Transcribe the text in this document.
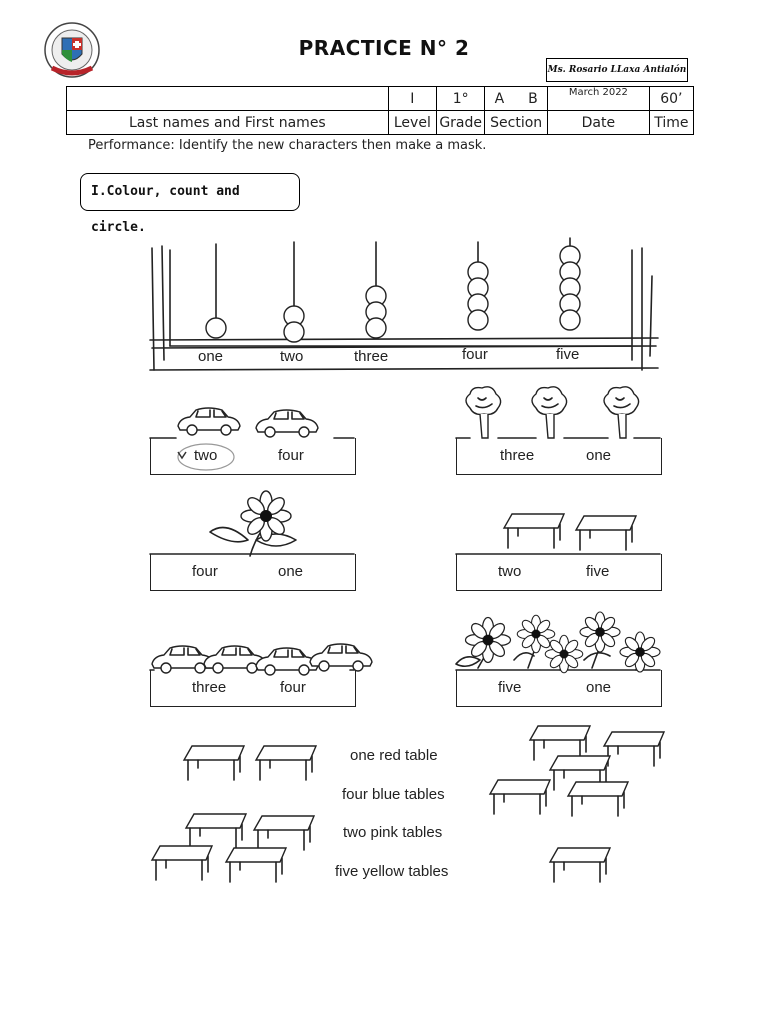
PRACTICE N° 2
Ms. Rosario LLaxa Antialón
	I	1°	A B	March 2022	60’
Last names and First names	Level	Grade	Section	Date	Time
Performance: Identify the new characters then make a mask.
I.Colour, count and circle.
one	two	three	four	five
two	four	three	one
four	one	two	five
three	four	five	one
one red table
four blue tables
two pink tables
five yellow tables
